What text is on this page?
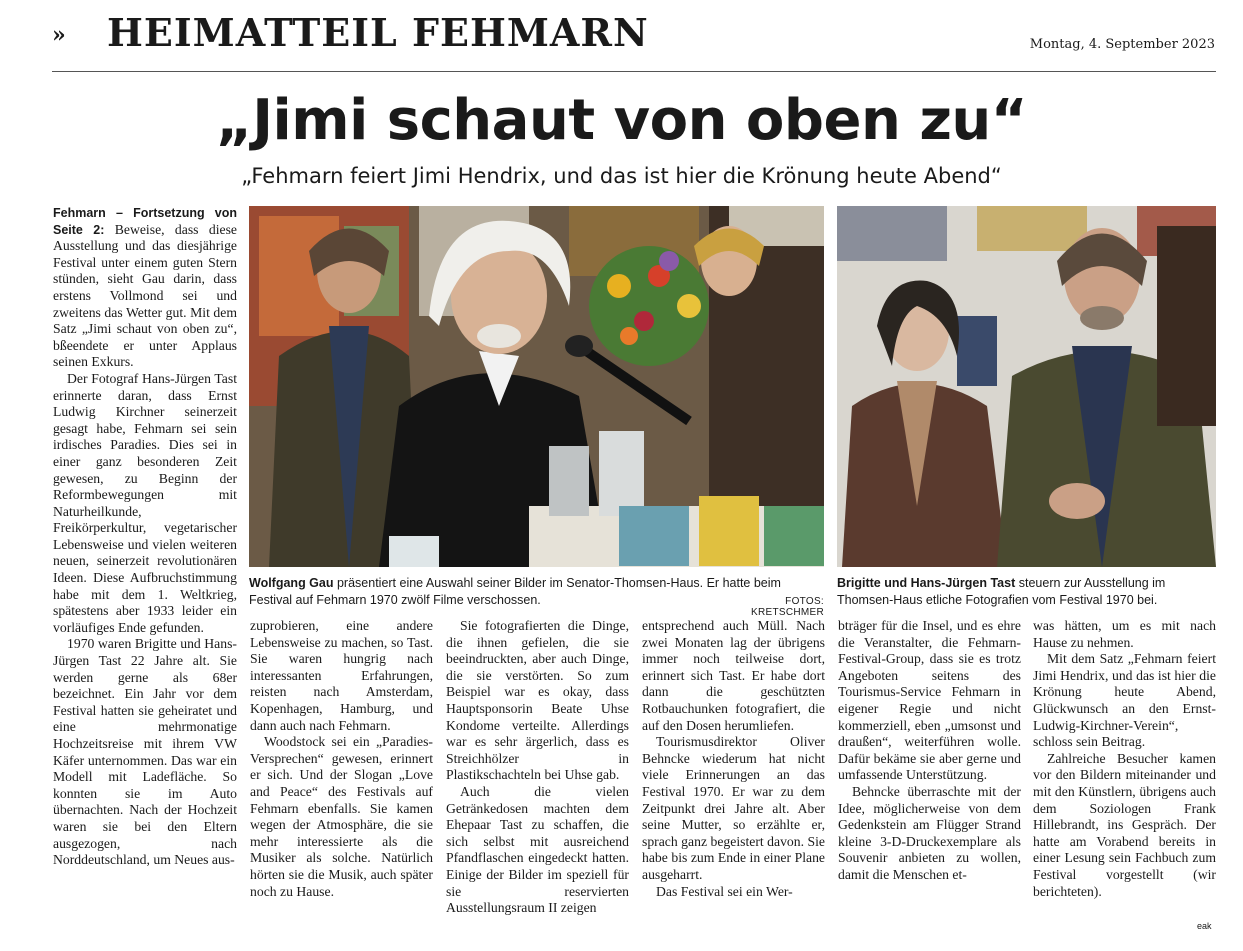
» HEIMATTEIL FEHMARN	Montag, 4. September 2023
„Jimi schaut von oben zu“
„Fehmarn feiert Jimi Hendrix, und das ist hier die Krönung heute Abend“
Wolfgang Gau präsentiert eine Auswahl seiner Bilder im Senator-Thomsen-Haus. Er hatte beim Festival auf Fehmarn 1970 zwölf Filme verschossen.	FOTOS: KRETSCHMER
Brigitte und Hans-Jürgen Tast steuern zur Ausstellung im Thomsen-Haus etliche Fotografien vom Festival 1970 bei.

Fehmarn – Fortsetzung von Seite 2: Beweise, dass diese Ausstellung und das diesjährige Festival unter einem guten Stern stünden, sieht Gau darin, dass erstens Vollmond sei und zweitens das Wetter gut. Mit dem Satz „Jimi schaut von oben zu“, bßeendete er unter Applaus seinen Exkurs.

Der Fotograf Hans-Jürgen Tast erinnerte daran, dass Ernst Ludwig Kirchner seinerzeit gesagt habe, Fehmarn sei sein irdisches Paradies. Dies sei in einer ganz besonderen Zeit gewesen, zu Beginn der Reformbewegungen mit Naturheilkunde, Freikörperkultur, vegetarischer Lebensweise und vielen weiteren neuen, seinerzeit revolutionären Ideen. Diese Aufbruchstimmung habe mit dem 1. Weltkrieg, spätestens aber 1933 leider ein vorläufiges Ende gefunden.

1970 waren Brigitte und Hans-Jürgen Tast 22 Jahre alt. Sie werden gerne als 68er bezeichnet. Ein Jahr vor dem Festival hatten sie geheiratet und eine mehrmonatige Hochzeitsreise mit ihrem VW Käfer unternommen. Das war ein Modell mit Ladefläche. So konnten sie im Auto übernachten. Nach der Hochzeit waren sie bei den Eltern ausgezogen, nach Norddeutschland, um Neues aus-

zuprobieren, eine andere Lebensweise zu machen, so Tast. Sie waren hungrig nach interessanten Erfahrungen, reisten nach Amsterdam, Kopenhagen, Hamburg, und dann auch nach Fehmarn.

Woodstock sei ein „Paradies-Versprechen“ gewesen, erinnert er sich. Und der Slogan „Love and Peace“ des Festivals auf Fehmarn ebenfalls. Sie kamen wegen der Atmosphäre, die sie mehr interessierte als die Musiker als solche. Natürlich hörten sie die Musik, auch später noch zu Hause.

Sie fotografierten die Dinge, die ihnen gefielen, die sie beeindruckten, aber auch Dinge, die sie verstörten. So zum Beispiel war es okay, dass Hauptsponsorin Beate Uhse Kondome verteilte. Allerdings war es sehr ärgerlich, dass es Streichhölzer in Plastikschachteln bei Uhse gab.

Auch die vielen Getränkedosen machten dem Ehepaar Tast zu schaffen, die sich selbst mit ausreichend Pfandflaschen eingedeckt hatten. Einige der Bilder im speziell für sie reservierten Ausstellungsraum II zeigen

entsprechend auch Müll. Nach zwei Monaten lag der übrigens immer noch teilweise dort, erinnert sich Tast. Er habe dort dann die geschützten Rotbauchunken fotografiert, die auf den Dosen herumliefen.

Tourismusdirektor Oliver Behncke wiederum hat nicht viele Erinnerungen an das Festival 1970. Er war zu dem Zeitpunkt drei Jahre alt. Aber seine Mutter, so erzählte er, sprach ganz begeistert davon. Sie habe bis zum Ende in einer Plane ausgeharrt.

Das Festival sei ein Wer-

bträger für die Insel, und es ehre die Veranstalter, die Fehmarn-Festival-Group, dass sie es trotz Angeboten seitens des Tourismus-Service Fehmarn in eigener Regie und nicht kommerziell, eben „umsonst und draußen“, weiterführen wolle. Dafür bekäme sie aber gerne und umfassende Unterstützung.

Behncke überraschte mit der Idee, möglicherweise von dem Gedenkstein am Flügger Strand kleine 3-D-Druckexemplare als Souvenir anbieten zu wollen, damit die Menschen et-

was hätten, um es mit nach Hause zu nehmen.

Mit dem Satz „Fehmarn feiert Jimi Hendrix, und das ist hier die Krönung heute Abend, Glückwunsch an den Ernst-Ludwig-Kirchner-Verein“, schloss sein Beitrag.

Zahlreiche Besucher kamen vor den Bildern miteinander und mit den Künstlern, übrigens auch dem Soziologen Frank Hillebrandt, ins Gespräch. Der hatte am Vorabend bereits in einer Lesung sein Fachbuch zum Festival vorgestellt (wir berichteten).

eak
